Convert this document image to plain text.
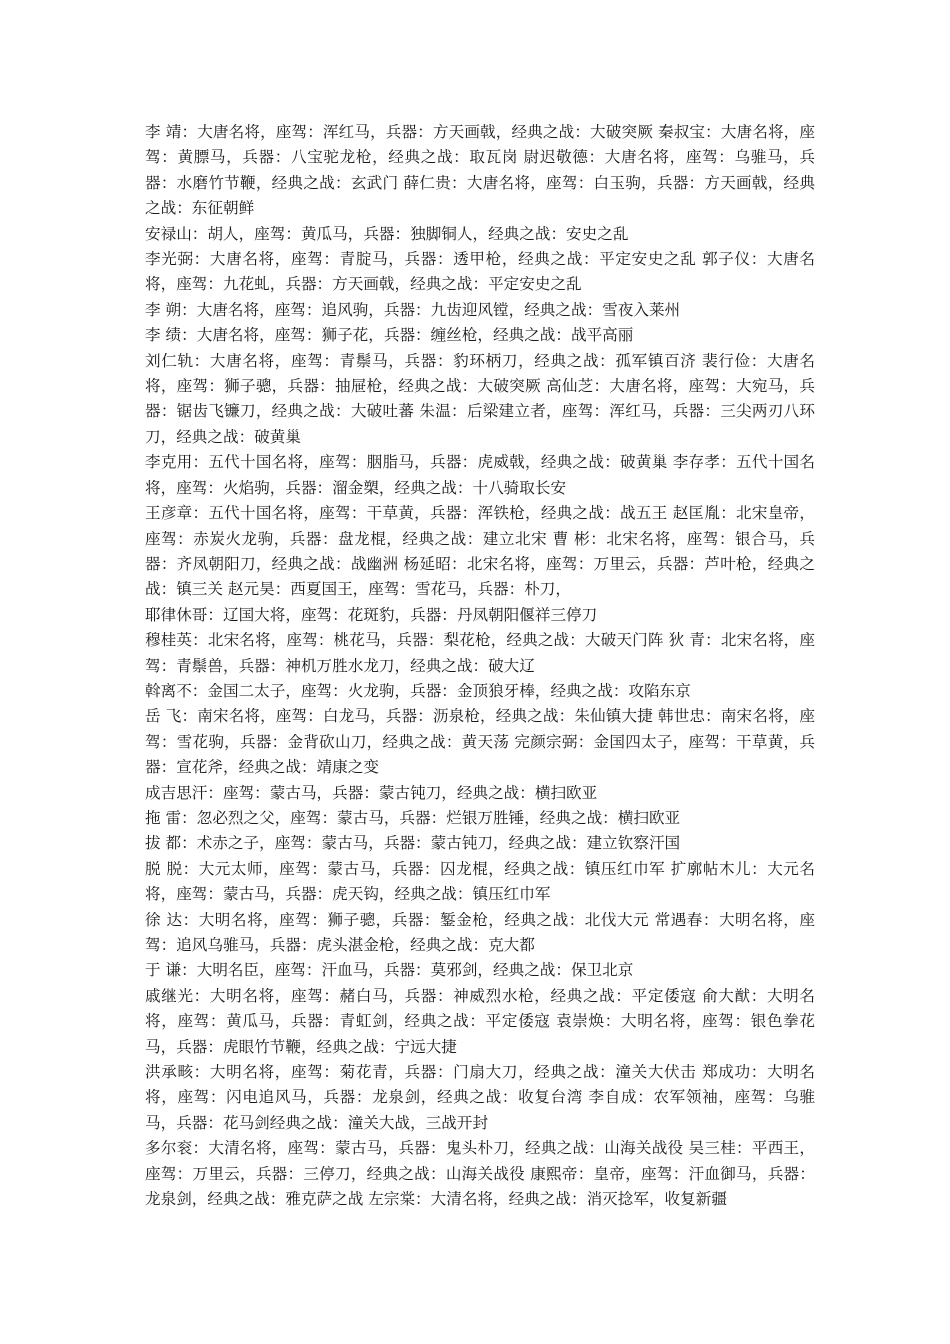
李 靖：大唐名将，座驾：浑红马，兵器：方天画戟，经典之战：大破突厥 秦叔宝：大唐名将，座驾：黄膘马，兵器：八宝驼龙枪，经典之战：取瓦岗 尉迟敬德：大唐名将，座驾：乌骓马，兵器：水磨竹节鞭，经典之战：玄武门 薛仁贵：大唐名将，座驾：白玉驹，兵器：方天画戟，经典之战：东征朝鲜

安禄山：胡人，座驾：黄瓜马，兵器：独脚铜人，经典之战：安史之乱

李光弼：大唐名将，座驾：青腚马，兵器：透甲枪，经典之战：平定安史之乱 郭子仪：大唐名将，座驾：九花虬，兵器：方天画戟，经典之战：平定安史之乱

李 朔：大唐名将，座驾：追风驹，兵器：九齿迎风镗，经典之战：雪夜入莱州

李 绩：大唐名将，座驾：狮子花，兵器：缠丝枪，经典之战：战平高丽

刘仁轨：大唐名将，座驾：青鬃马，兵器：豹环柄刀，经典之战：孤军镇百济 裴行俭：大唐名将，座驾：狮子骢，兵器：抽屉枪，经典之战：大破突厥 高仙芝：大唐名将，座驾：大宛马，兵器：锯齿飞镰刀，经典之战：大破吐蕃 朱温：后梁建立者，座驾：浑红马，兵器：三尖两刃八环刀，经典之战：破黄巢

李克用：五代十国名将，座驾：胭脂马，兵器：虎威戟，经典之战：破黄巢 李存孝：五代十国名将，座驾：火焰驹，兵器：溜金槊，经典之战：十八骑取长安

王彦章：五代十国名将，座驾：干草黄，兵器：浑铁枪，经典之战：战五王 赵匡胤：北宋皇帝，座驾：赤炭火龙驹，兵器：盘龙棍，经典之战：建立北宋 曹 彬：北宋名将，座驾：银合马，兵器：齐凤朝阳刀，经典之战：战幽洲 杨延昭：北宋名将，座驾：万里云，兵器：芦叶枪，经典之战：镇三关 赵元昊：西夏国王，座驾：雪花马，兵器：朴刀，

耶律休哥：辽国大将，座驾：花斑豹，兵器：丹凤朝阳偃祥三停刀

穆桂英：北宋名将，座驾：桃花马，兵器：梨花枪，经典之战：大破天门阵 狄 青：北宋名将，座驾：青鬃兽，兵器：神机万胜水龙刀，经典之战：破大辽

斡离不：金国二太子，座驾：火龙驹，兵器：金顶狼牙棒，经典之战：攻陷东京

岳 飞：南宋名将，座驾：白龙马，兵器：沥泉枪，经典之战：朱仙镇大捷 韩世忠：南宋名将，座驾：雪花驹，兵器：金背砍山刀，经典之战：黄天荡 完颜宗弼：金国四太子，座驾：干草黄，兵器：宣花斧，经典之战：靖康之变

成吉思汗：座驾：蒙古马，兵器：蒙古钝刀，经典之战：横扫欧亚

拖 雷：忽必烈之父，座驾：蒙古马，兵器：烂银万胜锤，经典之战：横扫欧亚

拔 都：术赤之子，座驾：蒙古马，兵器：蒙古钝刀，经典之战：建立钦察汗国

脱 脱：大元太师，座驾：蒙古马，兵器：囚龙棍，经典之战：镇压红巾军 扩廓帖木儿：大元名将，座驾：蒙古马，兵器：虎天钩，经典之战：镇压红巾军

徐 达：大明名将，座驾：狮子骢，兵器：錾金枪，经典之战：北伐大元 常遇春：大明名将，座驾：追风乌骓马，兵器：虎头湛金枪，经典之战：克大都

于 谦：大明名臣，座驾：汗血马，兵器：莫邪剑，经典之战：保卫北京

戚继光：大明名将，座驾：赭白马，兵器：神威烈水枪，经典之战：平定倭寇 俞大猷：大明名将，座驾：黄瓜马，兵器：青虹剑，经典之战：平定倭寇 袁崇焕：大明名将，座驾：银色拳花马，兵器：虎眼竹节鞭，经典之战：宁远大捷

洪承畡：大明名将，座驾：菊花青，兵器：门扇大刀，经典之战：潼关大伏击 郑成功：大明名将，座驾：闪电追风马，兵器：龙泉剑，经典之战：收复台湾 李自成：农军领袖，座驾：乌骓马，兵器：花马剑经典之战：潼关大战，三战开封

多尔衮：大清名将，座驾：蒙古马，兵器：鬼头朴刀，经典之战：山海关战役 吴三桂：平西王，座驾：万里云，兵器：三停刀，经典之战：山海关战役 康熙帝：皇帝，座驾：汗血御马，兵器：龙泉剑，经典之战：雅克萨之战 左宗棠：大清名将，经典之战：消灭捻军，收复新疆
